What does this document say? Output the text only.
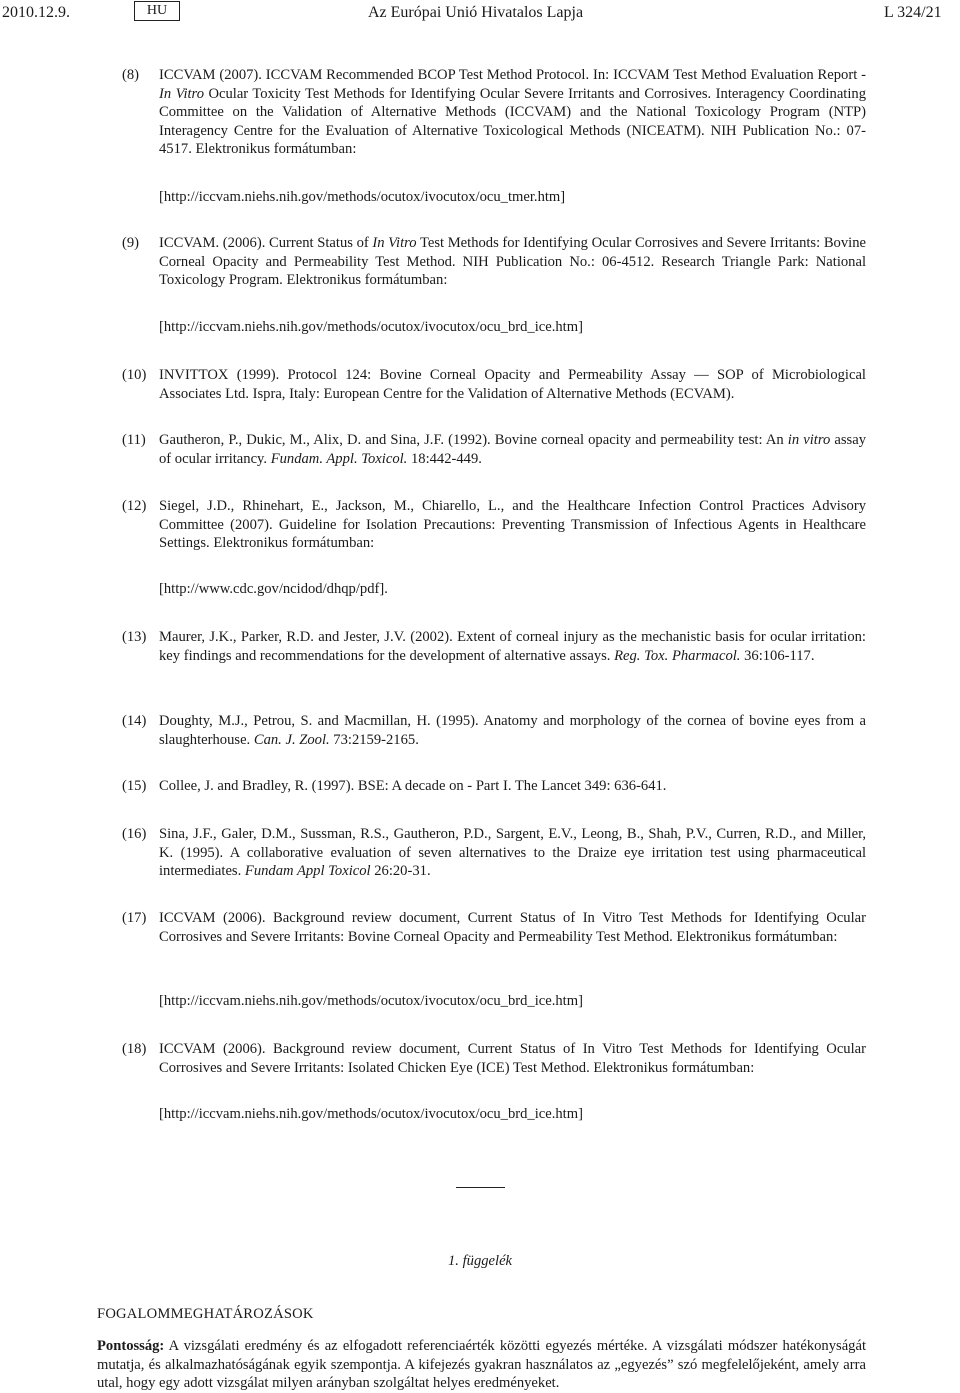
2010.12.9.	HU	Az Európai Unió Hivatalos Lapja	L 324/21
(8) ICCVAM (2007). ICCVAM Recommended BCOP Test Method Protocol. In: ICCVAM Test Method Evaluation Report - In Vitro Ocular Toxicity Test Methods for Identifying Ocular Severe Irritants and Corrosives. Interagency Coordinating Committee on the Validation of Alternative Methods (ICCVAM) and the National Toxicology Program (NTP) Interagency Centre for the Evaluation of Alternative Toxicological Methods (NICEATM). NIH Publication No.: 07-4517. Elektronikus formátumban:
[http://iccvam.niehs.nih.gov/methods/ocutox/ivocutox/ocu_tmer.htm]
(9) ICCVAM. (2006). Current Status of In Vitro Test Methods for Identifying Ocular Corrosives and Severe Irritants: Bovine Corneal Opacity and Permeability Test Method. NIH Publication No.: 06-4512. Research Triangle Park: National Toxicology Program. Elektronikus formátumban:
[http://iccvam.niehs.nih.gov/methods/ocutox/ivocutox/ocu_brd_ice.htm]
(10) INVITTOX (1999). Protocol 124: Bovine Corneal Opacity and Permeability Assay — SOP of Microbiological Associates Ltd. Ispra, Italy: European Centre for the Validation of Alternative Methods (ECVAM).
(11) Gautheron, P., Dukic, M., Alix, D. and Sina, J.F. (1992). Bovine corneal opacity and permeability test: An in vitro assay of ocular irritancy. Fundam. Appl. Toxicol. 18:442-449.
(12) Siegel, J.D., Rhinehart, E., Jackson, M., Chiarello, L., and the Healthcare Infection Control Practices Advisory Committee (2007). Guideline for Isolation Precautions: Preventing Transmission of Infectious Agents in Healthcare Settings. Elektronikus formátumban:
[http://www.cdc.gov/ncidod/dhqp/pdf].
(13) Maurer, J.K., Parker, R.D. and Jester, J.V. (2002). Extent of corneal injury as the mechanistic basis for ocular irritation: key findings and recommendations for the development of alternative assays. Reg. Tox. Pharmacol. 36:106-117.
(14) Doughty, M.J., Petrou, S. and Macmillan, H. (1995). Anatomy and morphology of the cornea of bovine eyes from a slaughterhouse. Can. J. Zool. 73:2159-2165.
(15) Collee, J. and Bradley, R. (1997). BSE: A decade on - Part I. The Lancet 349: 636-641.
(16) Sina, J.F., Galer, D.M., Sussman, R.S., Gautheron, P.D., Sargent, E.V., Leong, B., Shah, P.V., Curren, R.D., and Miller, K. (1995). A collaborative evaluation of seven alternatives to the Draize eye irritation test using pharmaceutical intermediates. Fundam Appl Toxicol 26:20-31.
(17) ICCVAM (2006). Background review document, Current Status of In Vitro Test Methods for Identifying Ocular Corrosives and Severe Irritants: Bovine Corneal Opacity and Permeability Test Method. Elektronikus formátumban:
[http://iccvam.niehs.nih.gov/methods/ocutox/ivocutox/ocu_brd_ice.htm]
(18) ICCVAM (2006). Background review document, Current Status of In Vitro Test Methods for Identifying Ocular Corrosives and Severe Irritants: Isolated Chicken Eye (ICE) Test Method. Elektronikus formátumban:
[http://iccvam.niehs.nih.gov/methods/ocutox/ivocutox/ocu_brd_ice.htm]
1. függelék
FOGALOMMEGHATÁROZÁSOK
Pontosság: A vizsgálati eredmény és az elfogadott referenciaérték közötti egyezés mértéke. A vizsgálati módszer hatékonyságát mutatja, és alkalmazhatóságának egyik szempontja. A kifejezés gyakran használatos az „egyezés” szó megfelelőjeként, amely arra utal, hogy egy adott vizsgálat milyen arányban szolgáltat helyes eredményeket.
